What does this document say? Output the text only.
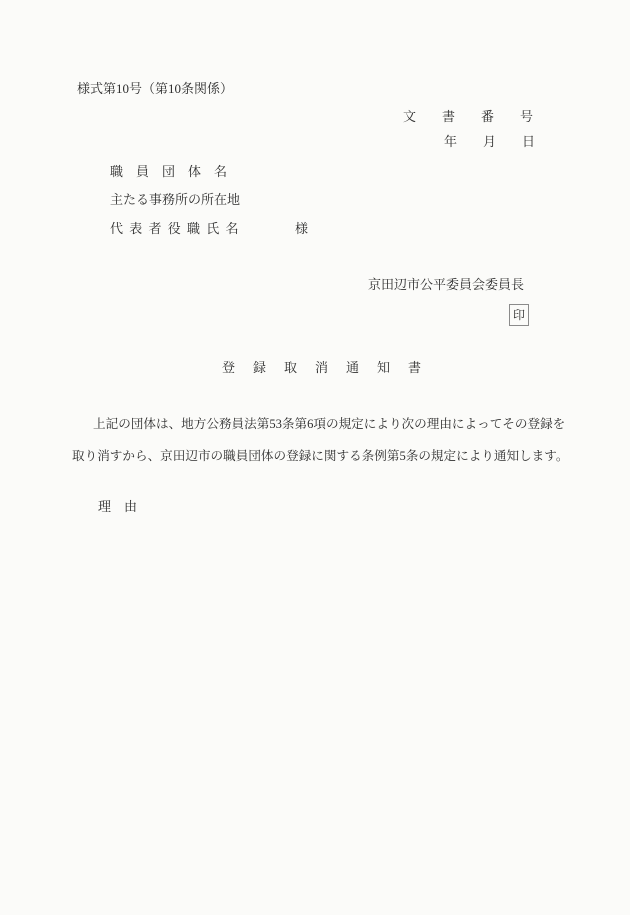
様式第10号（第10条関係）
文　　書　　番　　号
年　　月　　日
職　員　団　体　名
主たる事務所の所在地
代 表 者 役 職 氏 名	様
京田辺市公平委員会委員長
印
登　録　取　消　通　知　書
上記の団体は、地方公務員法第53条第6項の規定により次の理由によってその登録を
取り消すから、京田辺市の職員団体の登録に関する条例第5条の規定により通知します。
理　由
